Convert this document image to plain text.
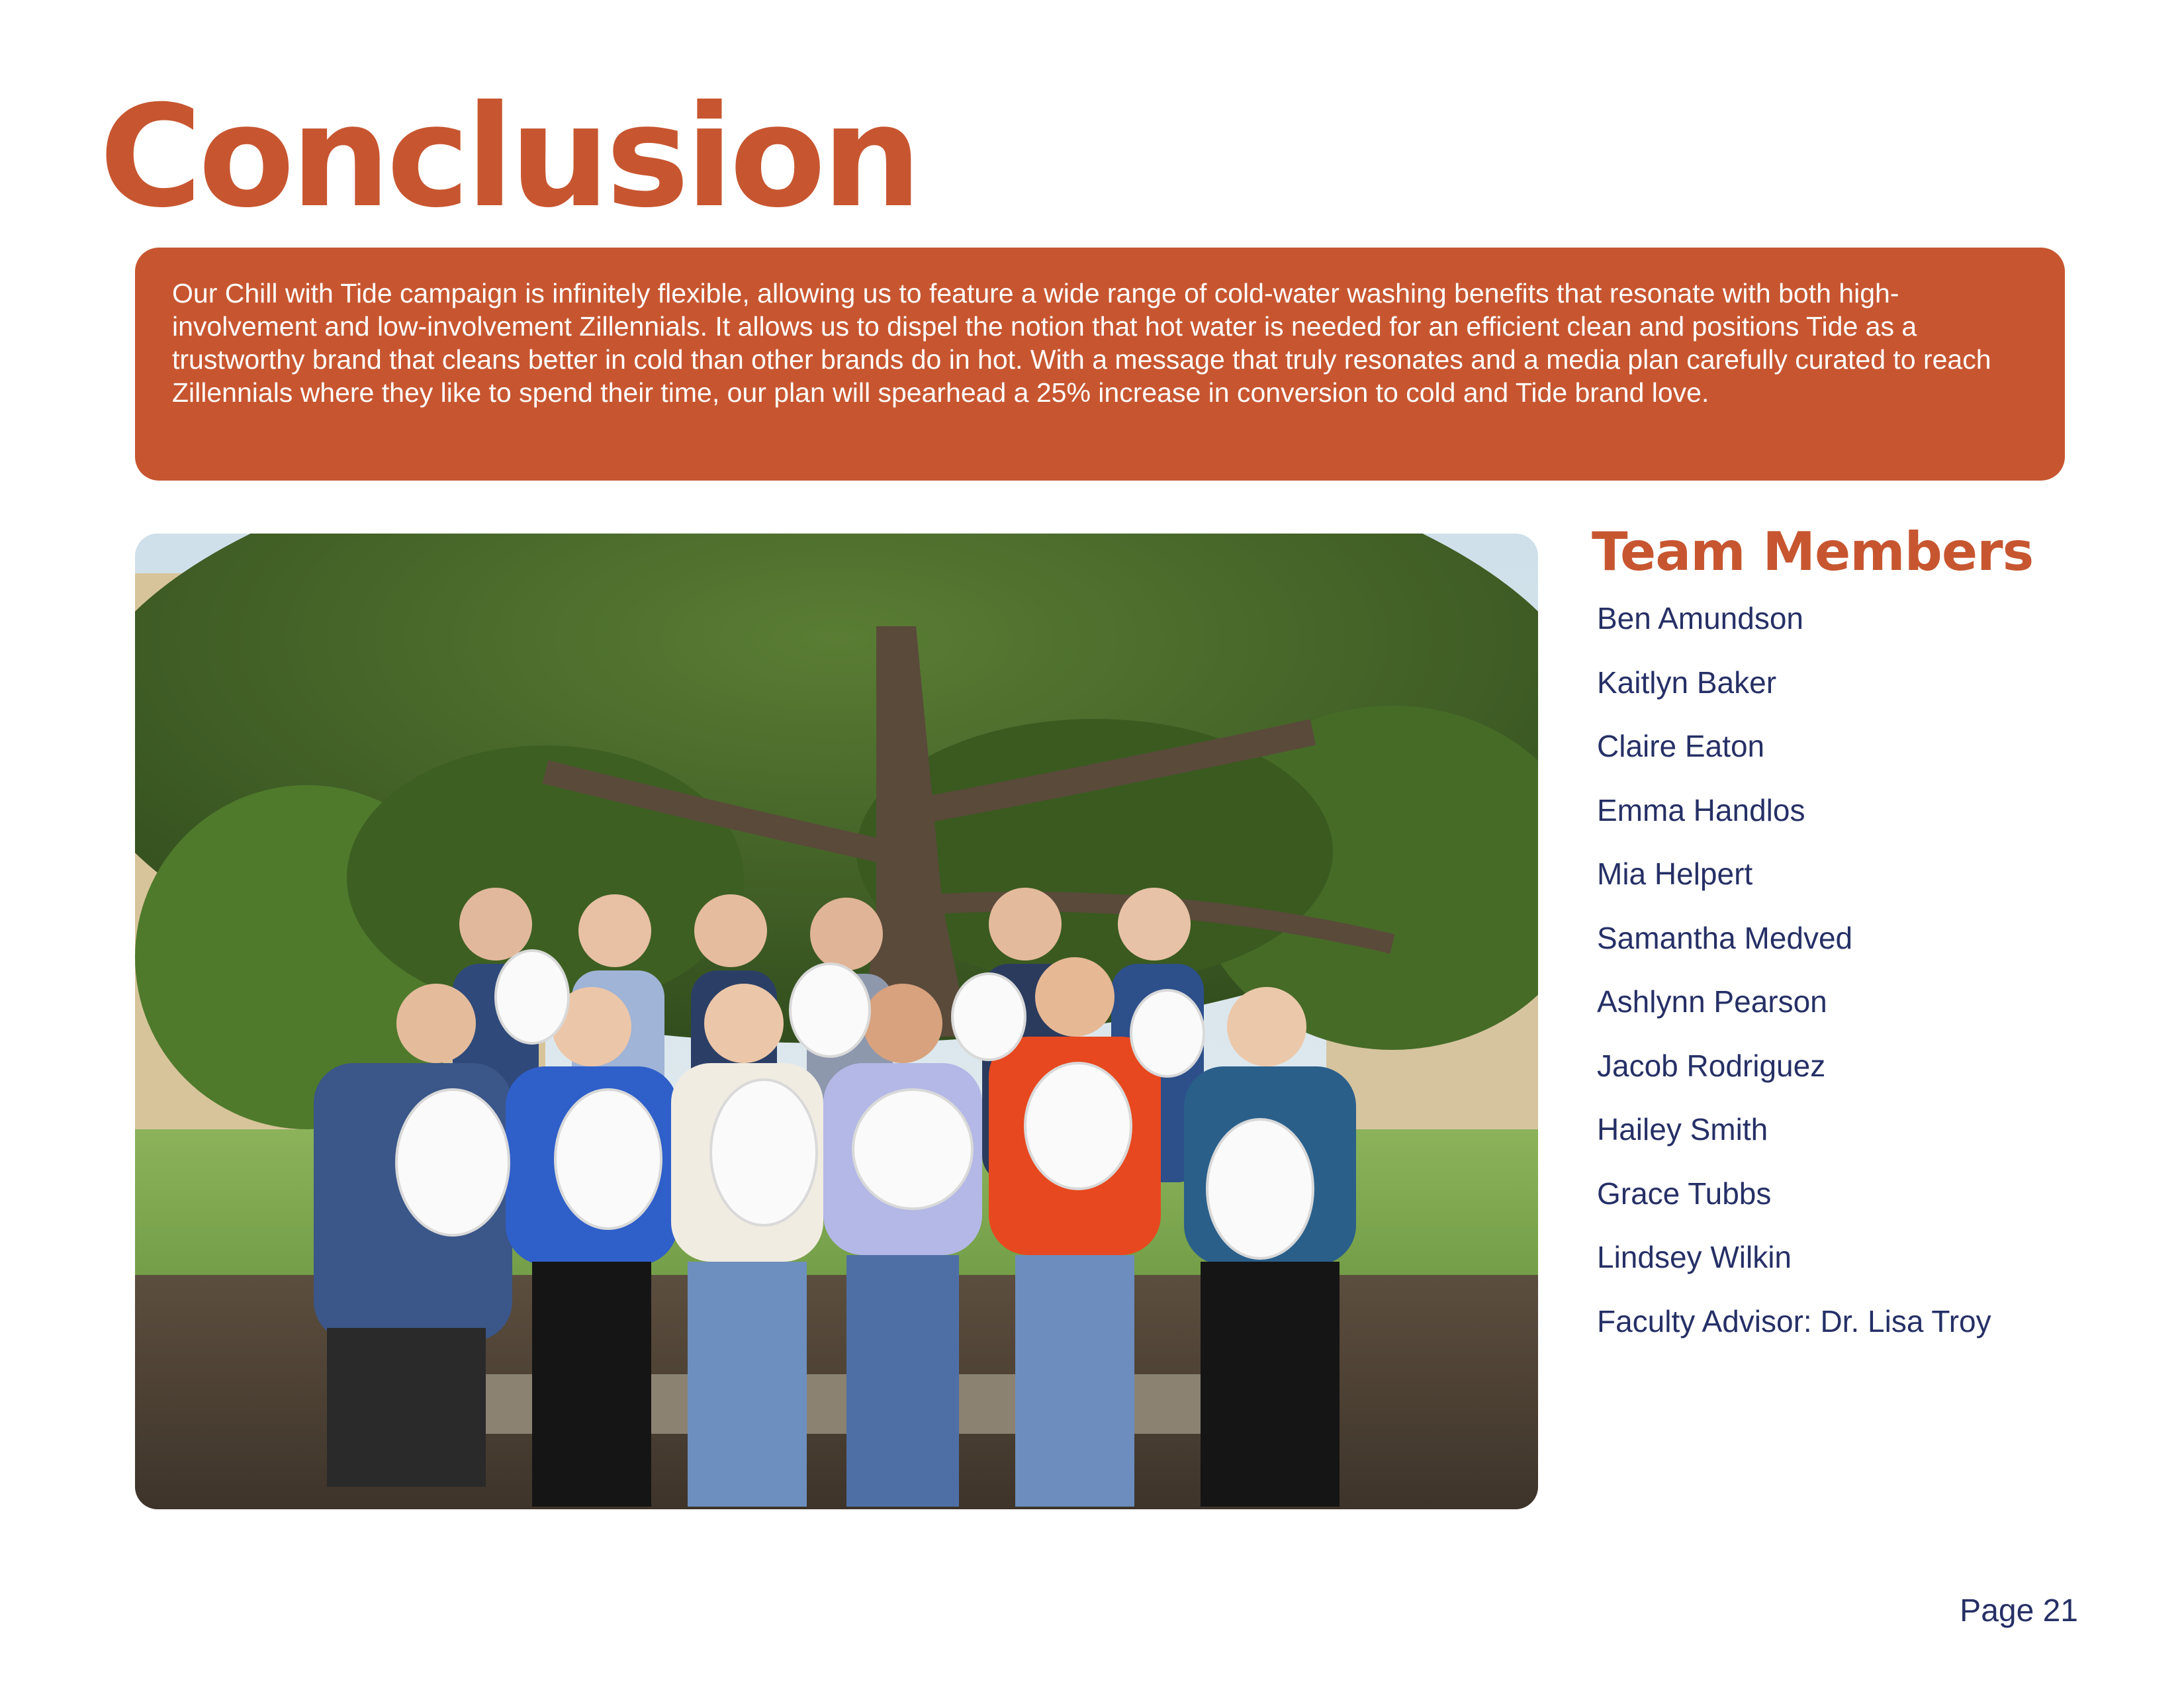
Conclusion

Our Chill with Tide campaign is infinitely flexible, allowing us to feature a wide range of cold-water washing benefits that resonate with both high-involvement and low-involvement Zillennials. It allows us to dispel the notion that hot water is needed for an efficient clean and positions Tide as a trustworthy brand that cleans better in cold than other brands do in hot. With a message that truly resonates and a media plan carefully curated to reach Zillennials where they like to spend their time, our plan will spearhead a 25% increase in conversion to cold and Tide brand love.

Team Members
Ben Amundson
Kaitlyn Baker
Claire Eaton
Emma Handlos
Mia Helpert
Samantha Medved
Ashlynn Pearson
Jacob Rodriguez
Hailey Smith
Grace Tubbs
Lindsey Wilkin
Faculty Advisor: Dr. Lisa Troy
Page 21
